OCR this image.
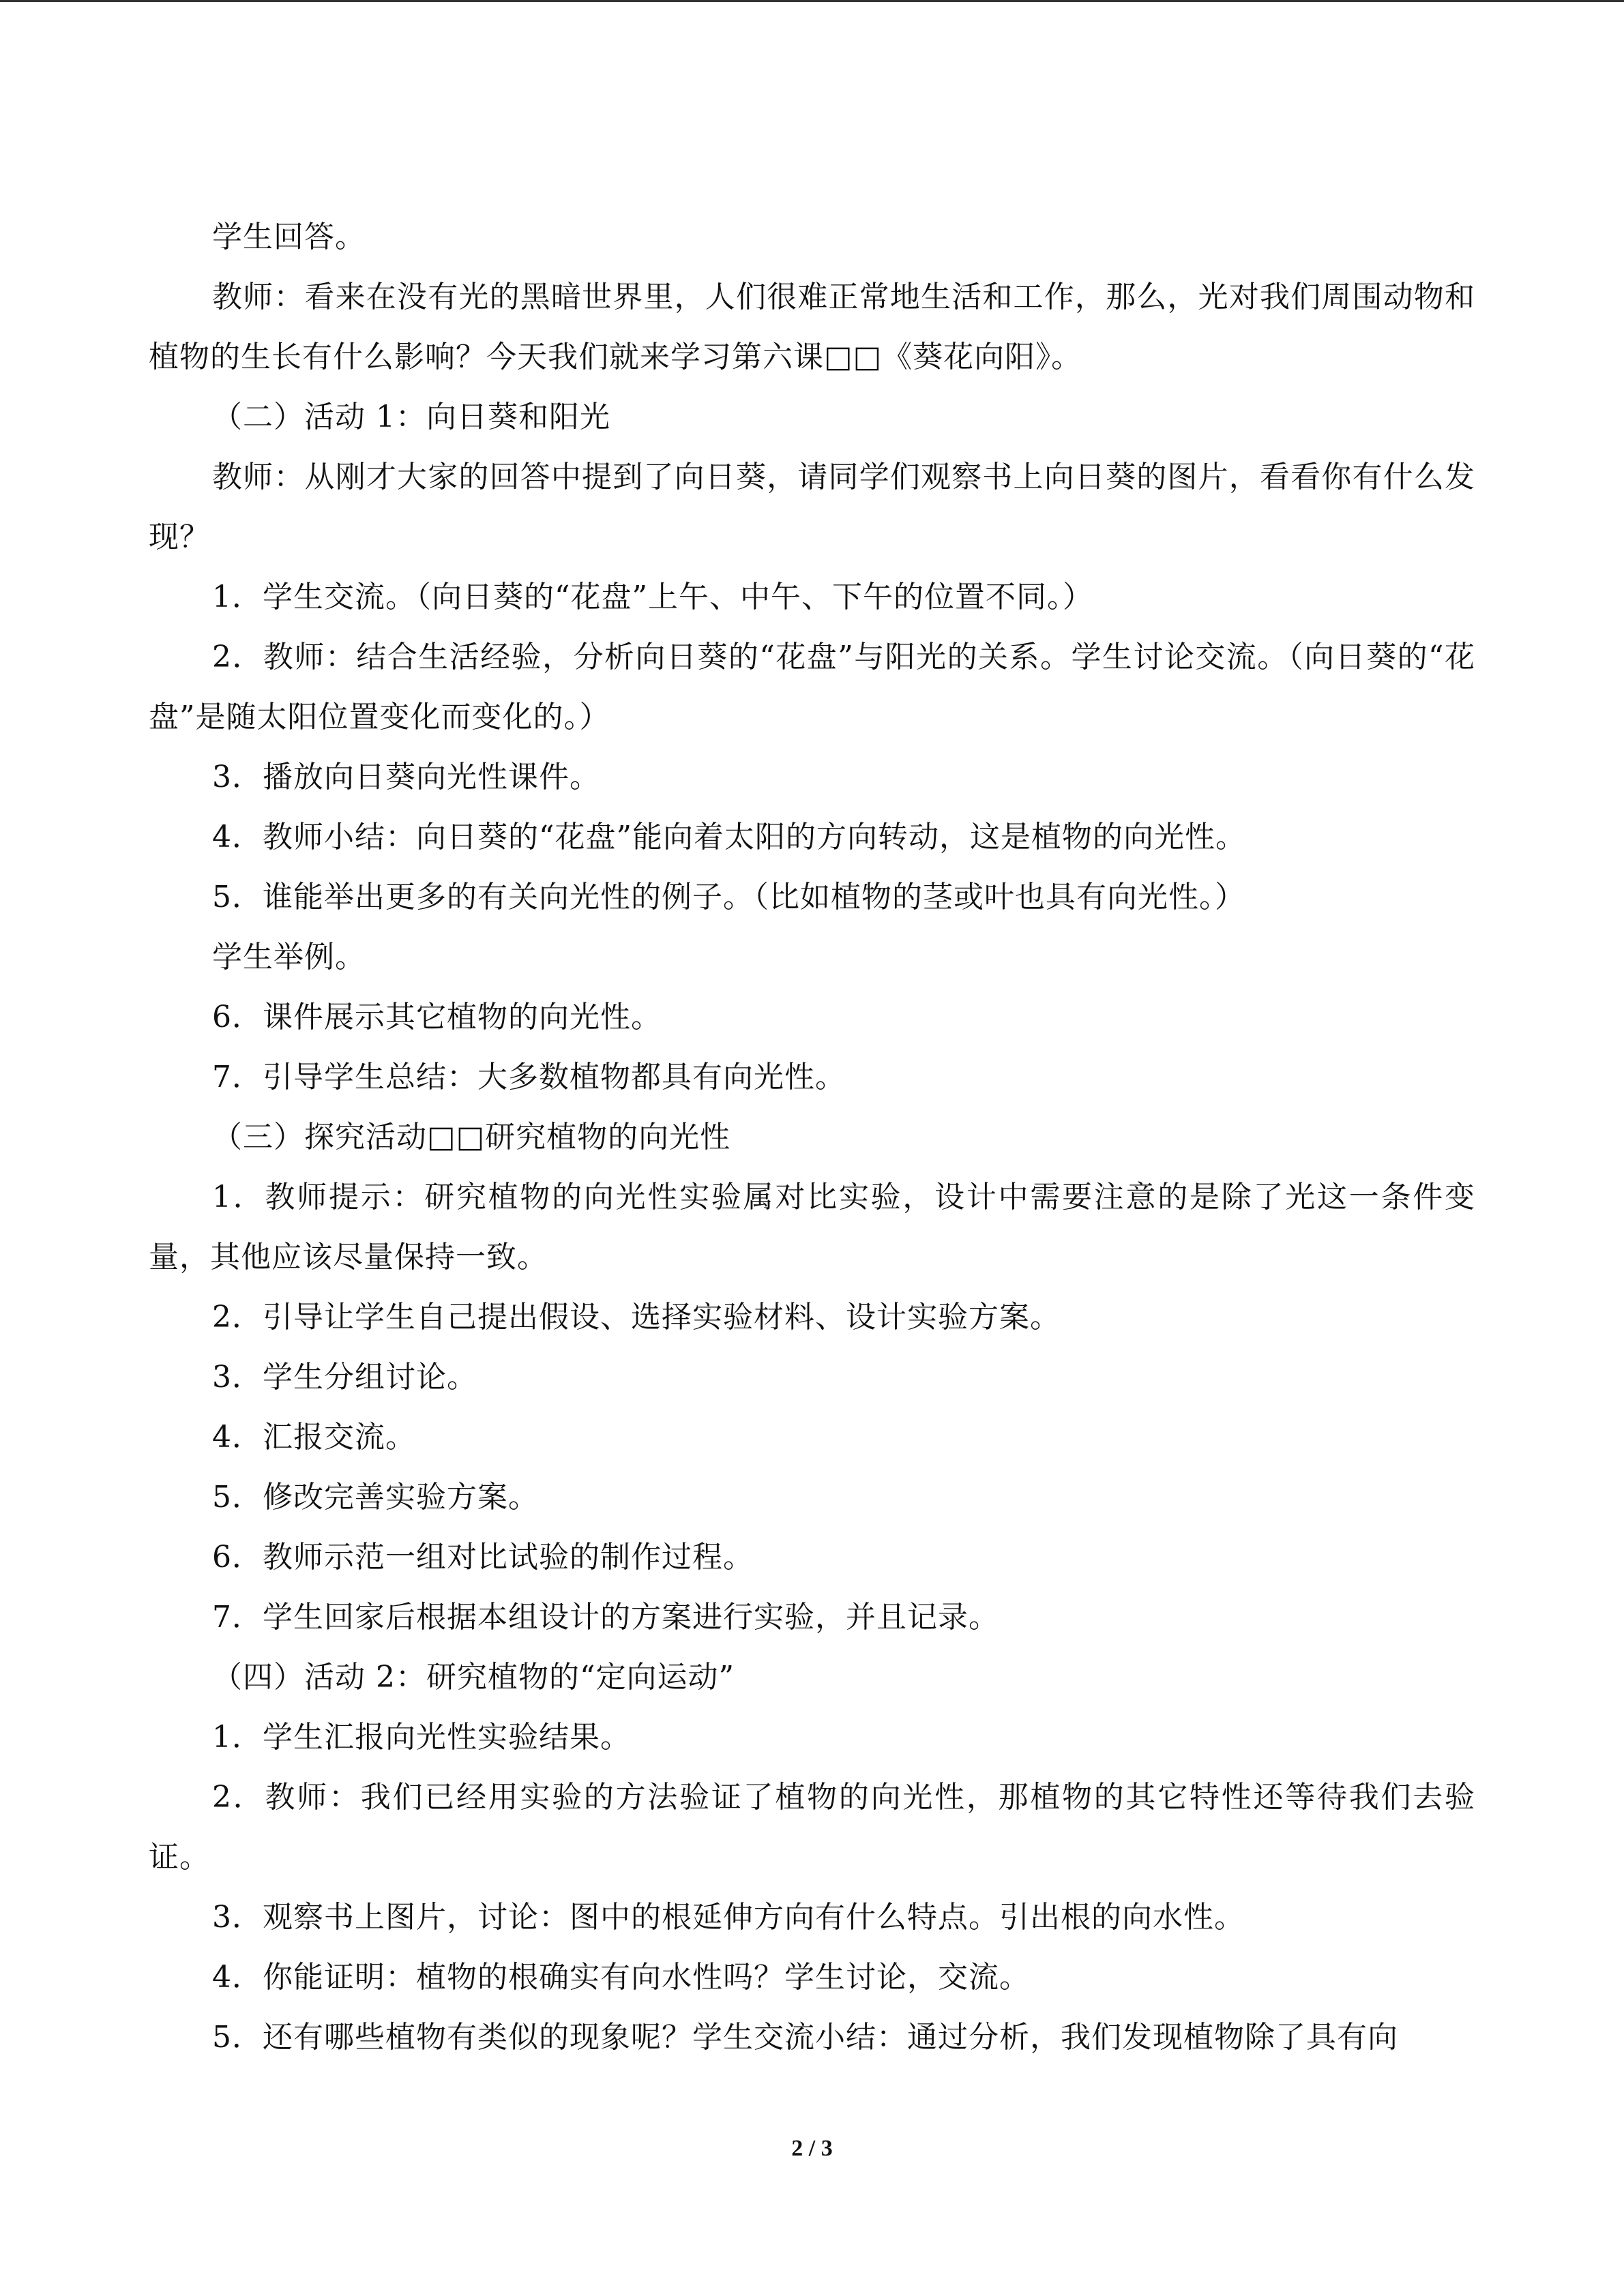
学生回答。

教师：看来在没有光的黑暗世界里，人们很难正常地生活和工作，那么，光对我们周围动物和植物的生长有什么影响？今天我们就来学习第六课□□《葵花向阳》。

（二）活动 1：向日葵和阳光

教师：从刚才大家的回答中提到了向日葵，请同学们观察书上向日葵的图片，看看你有什么发现？

1．学生交流。（向日葵的“花盘”上午、中午、下午的位置不同。）

2．教师：结合生活经验，分析向日葵的“花盘”与阳光的关系。学生讨论交流。（向日葵的“花盘”是随太阳位置变化而变化的。）

3．播放向日葵向光性课件。

4．教师小结：向日葵的“花盘”能向着太阳的方向转动，这是植物的向光性。

5．谁能举出更多的有关向光性的例子。（比如植物的茎或叶也具有向光性。）

学生举例。

6．课件展示其它植物的向光性。

7．引导学生总结：大多数植物都具有向光性。

（三）探究活动□□研究植物的向光性

1．教师提示：研究植物的向光性实验属对比实验，设计中需要注意的是除了光这一条件变量，其他应该尽量保持一致。

2．引导让学生自己提出假设、选择实验材料、设计实验方案。

3．学生分组讨论。

4．汇报交流。

5．修改完善实验方案。

6．教师示范一组对比试验的制作过程。

7．学生回家后根据本组设计的方案进行实验，并且记录。

（四）活动 2：研究植物的“定向运动”

1．学生汇报向光性实验结果。

2．教师：我们已经用实验的方法验证了植物的向光性，那植物的其它特性还等待我们去验证。

3．观察书上图片，讨论：图中的根延伸方向有什么特点。引出根的向水性。

4．你能证明：植物的根确实有向水性吗？学生讨论，交流。

5．还有哪些植物有类似的现象呢？学生交流小结：通过分析，我们发现植物除了具有向

2 / 3
